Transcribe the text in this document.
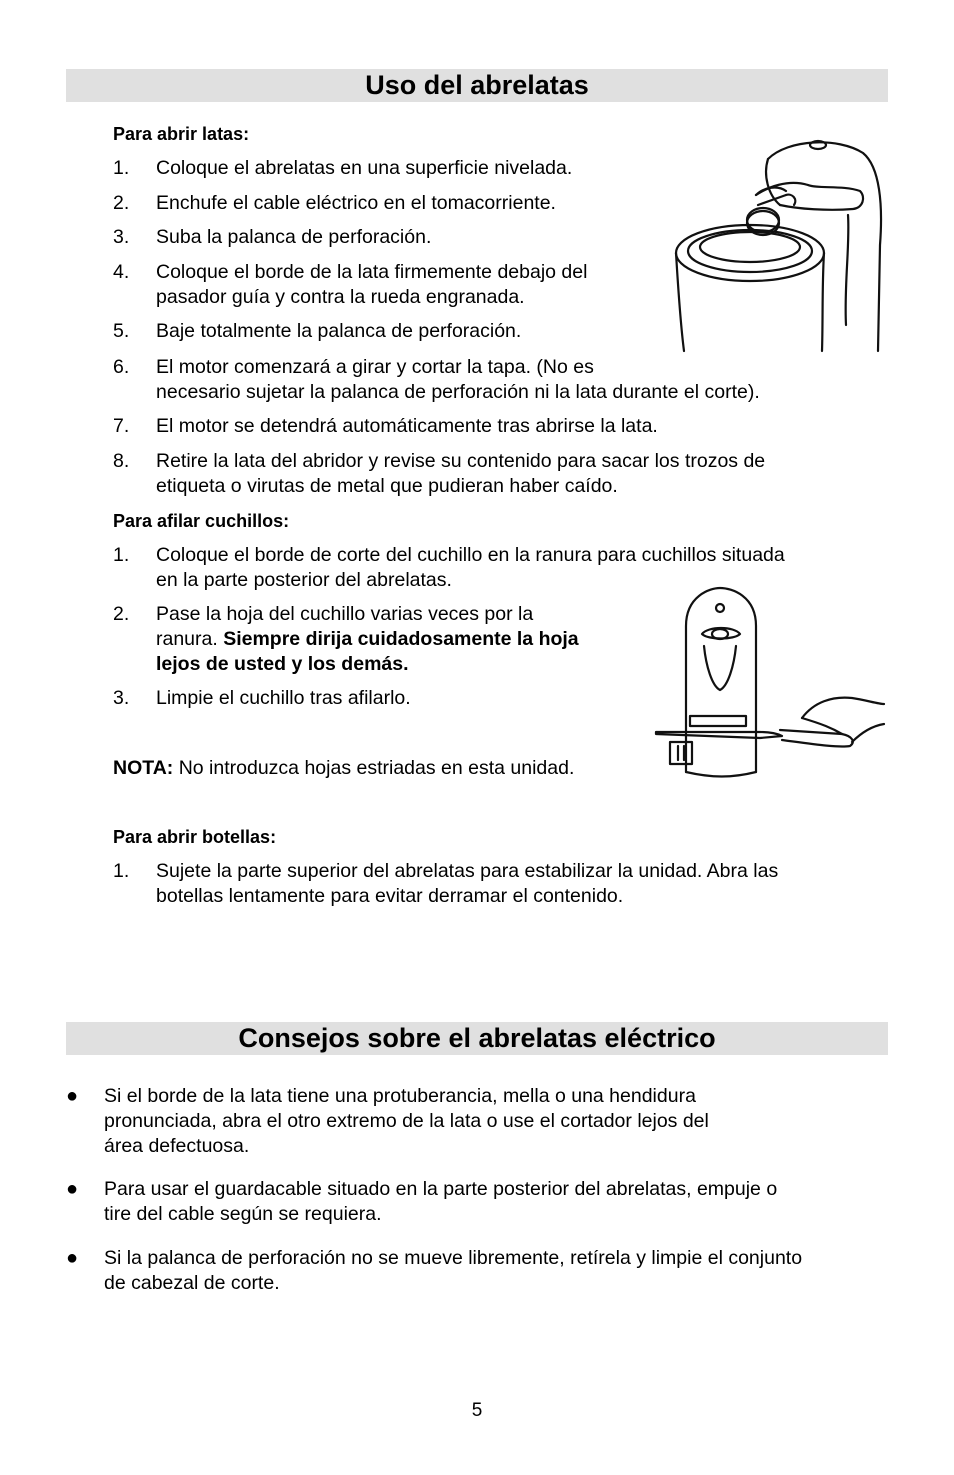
Uso del abrelatas
Para abrir latas:
1. Coloque el abrelatas en una superficie nivelada.
2. Enchufe el cable eléctrico en el tomacorriente.
3. Suba la palanca de perforación.
4. Coloque el borde de la lata firmemente debajo del
pasador guía y contra la rueda engranada.
5. Baje totalmente la palanca de perforación.
6. El motor comenzará a girar y cortar la tapa. (No es
necesario sujetar la palanca de perforación ni la lata durante el corte).
7. El motor se detendrá automáticamente tras abrirse la lata.
8. Retire la lata del abridor y revise su contenido para sacar los trozos de
etiqueta o virutas de metal que pudieran haber caído.
Para afilar cuchillos:
1. Coloque el borde de corte del cuchillo en la ranura para cuchillos situada
en la parte posterior del abrelatas.
2. Pase la hoja del cuchillo varias veces por la
ranura. Siempre dirija cuidadosamente la hoja
lejos de usted y los demás.
3. Limpie el cuchillo tras afilarlo.
NOTA: No introduzca hojas estriadas en esta unidad.
Para abrir botellas:
1. Sujete la parte superior del abrelatas para estabilizar la unidad. Abra las
botellas lentamente para evitar derramar el contenido.
Consejos sobre el abrelatas eléctrico
● Si el borde de la lata tiene una protuberancia, mella o una hendidura
pronunciada, abra el otro extremo de la lata o use el cortador lejos del
área defectuosa.
● Para usar el guardacable situado en la parte posterior del abrelatas, empuje o
tire del cable según se requiera.
● Si la palanca de perforación no se mueve libremente, retírela y limpie el conjunto
de cabezal de corte.
5
